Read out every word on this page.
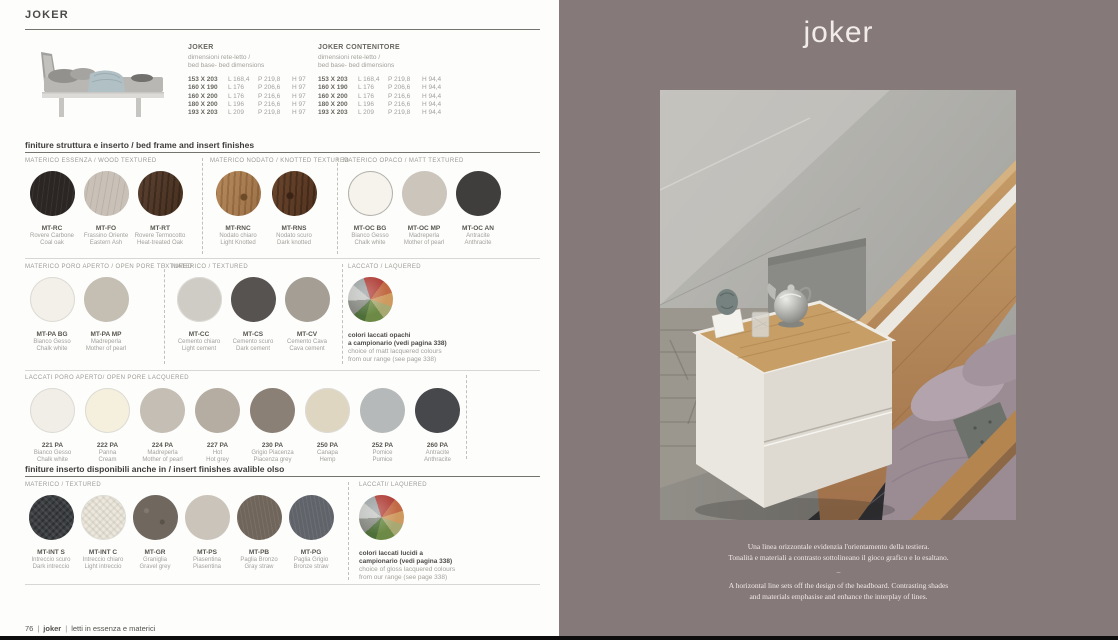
JOKER
JOKER
dimensioni rete-letto /
bed base- bed dimensions
153 X 203	L 168,4	P 219,8	H 97
160 X 190	L 176	P 206,6	H 97
160 X 200	L 176	P 216,6	H 97
180 X 200	L 196	P 216,6	H 97
193 X 203	L 209	P 219,8	H 97
JOKER CONTENITORE
dimensioni rete-letto /
bed base- bed dimensions
153 X 203	L 168,4	P 219,8	H 94,4
160 X 190	L 176	P 206,6	H 94,4
160 X 200	L 176	P 216,6	H 94,4
180 X 200	L 196	P 216,6	H 94,4
193 X 203	L 209	P 219,8	H 94,4
finiture struttura e inserto / bed frame and insert finishes
MATERICO ESSENZA / WOOD TEXTURED
MT-RC
Rovere Carbone
Coal oak
MT-FO
Frassino Oriente
Eastern Ash
MT-RT
Rovere Termocotto
Heat-treated Oak
MATERICO NODATO / KNOTTED TEXTURED
MT-RNC
Nodato chiaro
Light Knotted
MT-RNS
Nodato scuro
Dark knotted
MATERICO OPACO / MATT TEXTURED
MT-OC BG
Bianco Gesso
Chalk white
MT-OC MP
Madreperla
Mother of pearl
MT-OC AN
Antracite
Anthracite
MATERICO PORO APERTO / OPEN PORE TEXTURED
MT-PA BG
Bianco Gesso
Chalk white
MT-PA MP
Madreperla
Mother of pearl
MATERICO / TEXTURED
MT-CC
Cemento chiaro
Light cement
MT-CS
Cemento scuro
Dark cement
MT-CV
Cemento Cava
Cava cement
LACCATO / LAQUERED
colori laccati opachi
a campionario (vedi pagina 338)
choice of matt lacquered colours
from our range (see page 338)
LACCATI PORO APERTO/ OPEN PORE LACQUERED
221 PA
Bianco Gesso
Chalk white
222 PA
Panna
Cream
224 PA
Madreperla
Mother of pearl
227 PA
Hot
Hot grey
230 PA
Grigio Piacenza
Piacenza grey
250 PA
Canapa
Hemp
252 PA
Pomice
Pumice
260 PA
Antracite
Anthracite
finiture inserto disponibili anche in / insert finishes avalible olso
MATERICO / TEXTURED
MT-INT S
Intreccio scuro
Dark intreccio
MT-INT C
Intreccio chiaro
Light intreccio
MT-GR
Graniglia
Gravel grey
MT-PS
Piasentina
Piasentina
MT-PB
Paglia Bronzo
Gray straw
MT-PG
Paglia Grigio
Bronze straw
LACCATI/ LAQUERED
colori laccati lucidi a
campionario (vedi pagina 338)
choice of gloss lacquered colours
from our range (see page 338)
76 | joker | letti in essenza e materici
joker
Una linea orizzontale evidenzia l'orientamento della testiera.
Tonalità e materiali a contrasto sottolineano il gioco grafico e lo esaltano.
–
A horizontal line sets off the design of the headboard. Contrasting shades
and materials emphasise and enhance the interplay of lines.
